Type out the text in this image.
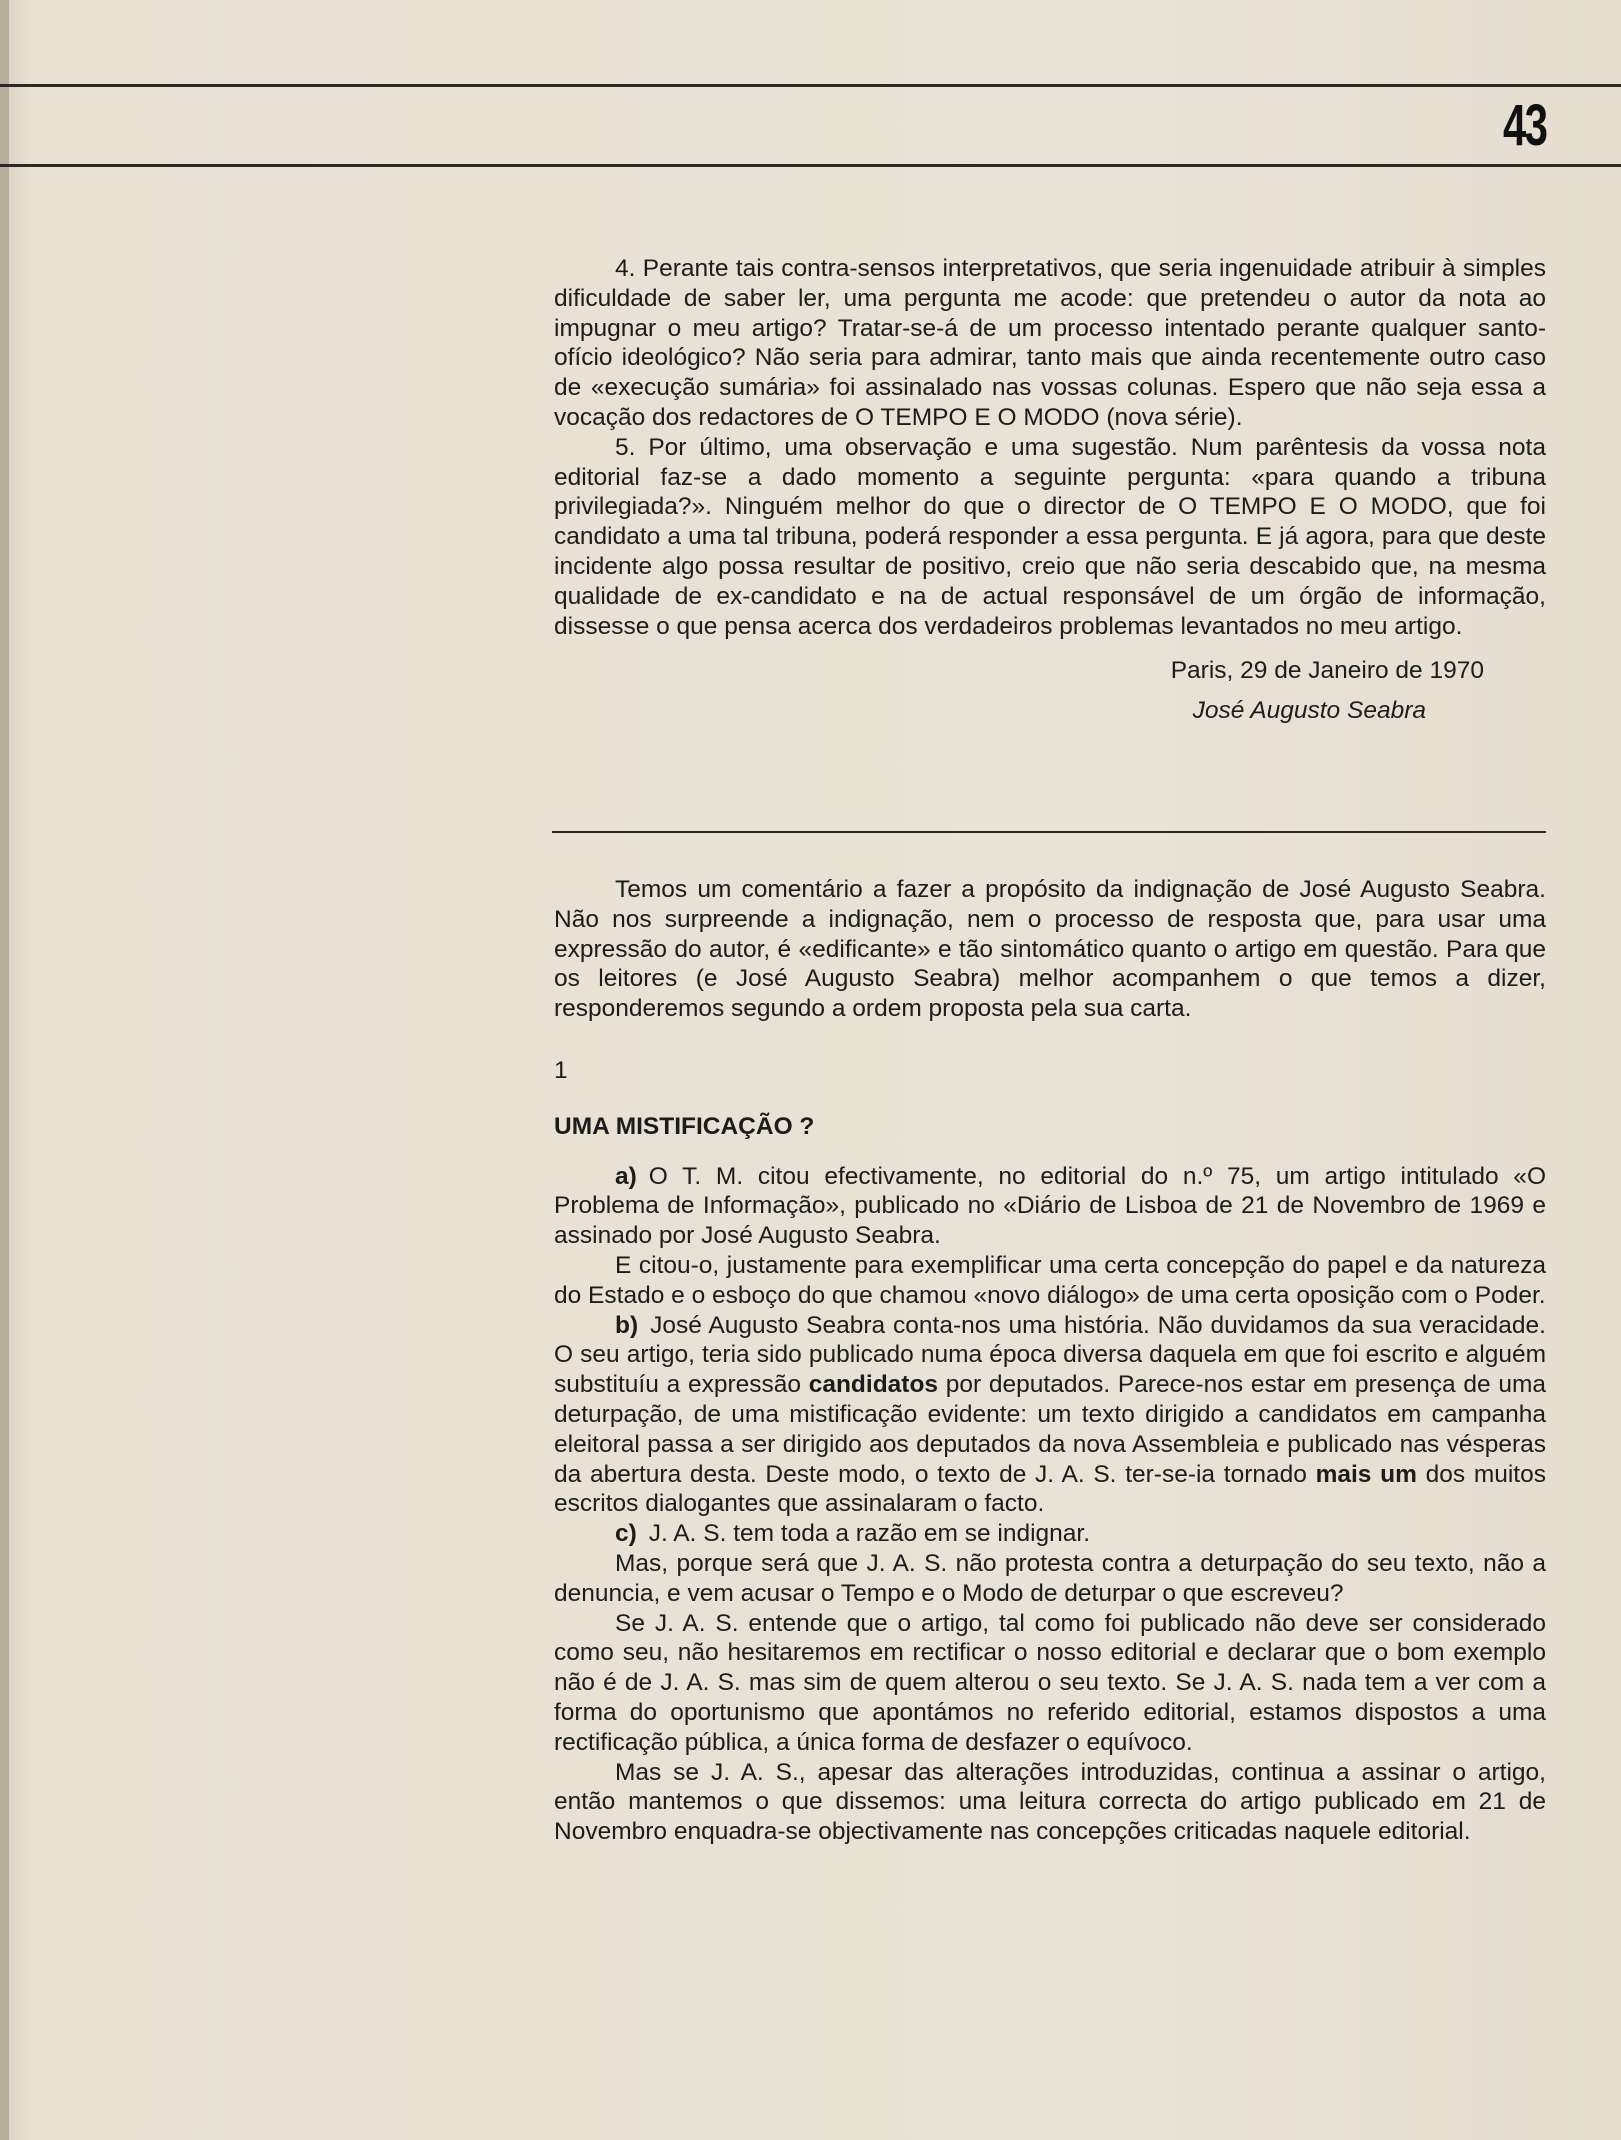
43

4. Perante tais contra-sensos interpretativos, que seria ingenuidade atribuir à simples dificuldade de saber ler, uma pergunta me acode: que pretendeu o autor da nota ao impugnar o meu artigo? Tratar-se-á de um processo intentado perante qualquer santo-ofício ideológico? Não seria para admirar, tanto mais que ainda recentemente outro caso de «execução sumária» foi assinalado nas vossas colunas. Espero que não seja essa a vocação dos redactores de O TEMPO E O MODO (nova série).

5. Por último, uma observação e uma sugestão. Num parêntesis da vossa nota editorial faz-se a dado momento a seguinte pergunta: «para quando a tribuna privilegiada?». Ninguém melhor do que o director de O TEMPO E O MODO, que foi candidato a uma tal tribuna, poderá responder a essa pergunta. E já agora, para que deste incidente algo possa resultar de positivo, creio que não seria descabido que, na mesma qualidade de ex-candidato e na de actual responsável de um órgão de informação, dissesse o que pensa acerca dos verdadeiros problemas levantados no meu artigo.

Paris, 29 de Janeiro de 1970
José Augusto Seabra

Temos um comentário a fazer a propósito da indignação de José Augusto Seabra. Não nos surpreende a indignação, nem o processo de resposta que, para usar uma expressão do autor, é «edificante» e tão sintomático quanto o artigo em questão. Para que os leitores (e José Augusto Seabra) melhor acompanhem o que temos a dizer, responderemos segundo a ordem proposta pela sua carta.

1
UMA MISTIFICAÇÃO ?

a) O T. M. citou efectivamente, no editorial do n.º 75, um artigo intitulado «O Problema de Informação», publicado no «Diário de Lisboa de 21 de Novembro de 1969 e assinado por José Augusto Seabra.

E citou-o, justamente para exemplificar uma certa concepção do papel e da natureza do Estado e o esboço do que chamou «novo diálogo» de uma certa oposição com o Poder.

b) José Augusto Seabra conta-nos uma história. Não duvidamos da sua veracidade. O seu artigo, teria sido publicado numa época diversa daquela em que foi escrito e alguém substituíu a expressão candidatos por deputados. Parece-nos estar em presença de uma deturpação, de uma mistificação evidente: um texto dirigido a candidatos em campanha eleitoral passa a ser dirigido aos deputados da nova Assembleia e publicado nas vésperas da abertura desta. Deste modo, o texto de J. A. S. ter-se-ia tornado mais um dos muitos escritos dialogantes que assinalaram o facto.

c) J. A. S. tem toda a razão em se indignar.

Mas, porque será que J. A. S. não protesta contra a deturpação do seu texto, não a denuncia, e vem acusar o Tempo e o Modo de deturpar o que escreveu?

Se J. A. S. entende que o artigo, tal como foi publicado não deve ser considerado como seu, não hesitaremos em rectificar o nosso editorial e declarar que o bom exemplo não é de J. A. S. mas sim de quem alterou o seu texto. Se J. A. S. nada tem a ver com a forma do oportunismo que apontámos no referido editorial, estamos dispostos a uma rectificação pública, a única forma de desfazer o equívoco.

Mas se J. A. S., apesar das alterações introduzidas, continua a assinar o artigo, então mantemos o que dissemos: uma leitura correcta do artigo publicado em 21 de Novembro enquadra-se objectivamente nas concepções criticadas naquele editorial.
